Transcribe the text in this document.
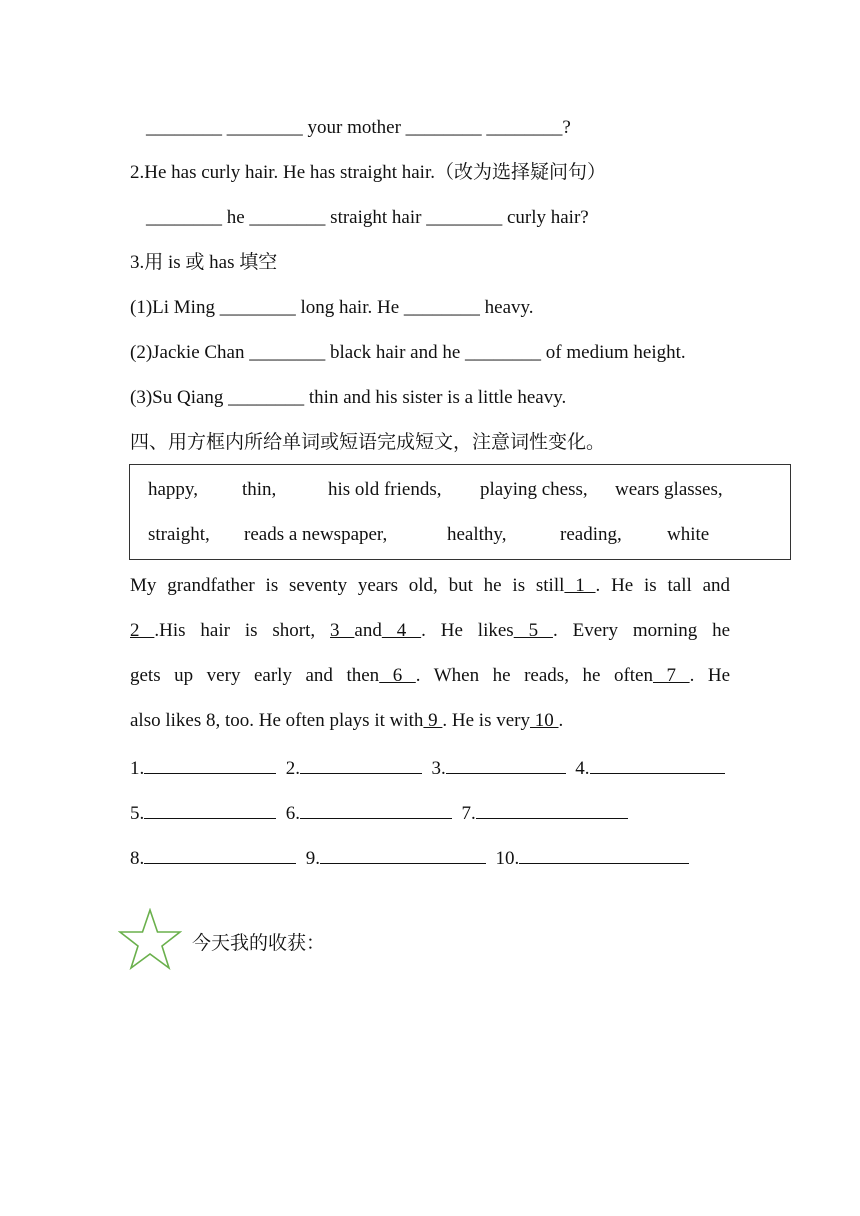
________ ________ your mother ________ ________?
2.He has curly hair. He has straight hair.（改为选择疑问句）
________ he ________ straight hair ________ curly hair?
3.用 is 或 has 填空
(1)Li Ming ________ long hair. He ________ heavy.
(2)Jackie Chan ________ black hair and he ________ of medium height.
(3)Su Qiang ________ thin and his sister is a little heavy.
四、用方框内所给单词或短语完成短文，注意词性变化。
happy, thin,	his old friends, playing chess, wears glasses,
straight, reads a newspaper,	healthy,	reading, white
My grandfather is seventy years old, but he is still 1 . He is tall and
2 .His hair is short, 3 and 4 . He likes 5 . Every morning he
gets up very early and then 6 . When he reads, he often 7 . He
also likes 8, too. He often plays it with 9 . He is very 10 .
1.	2.	3.	4.
5.	6.	7.
8.	9.	10.
今天我的收获：
